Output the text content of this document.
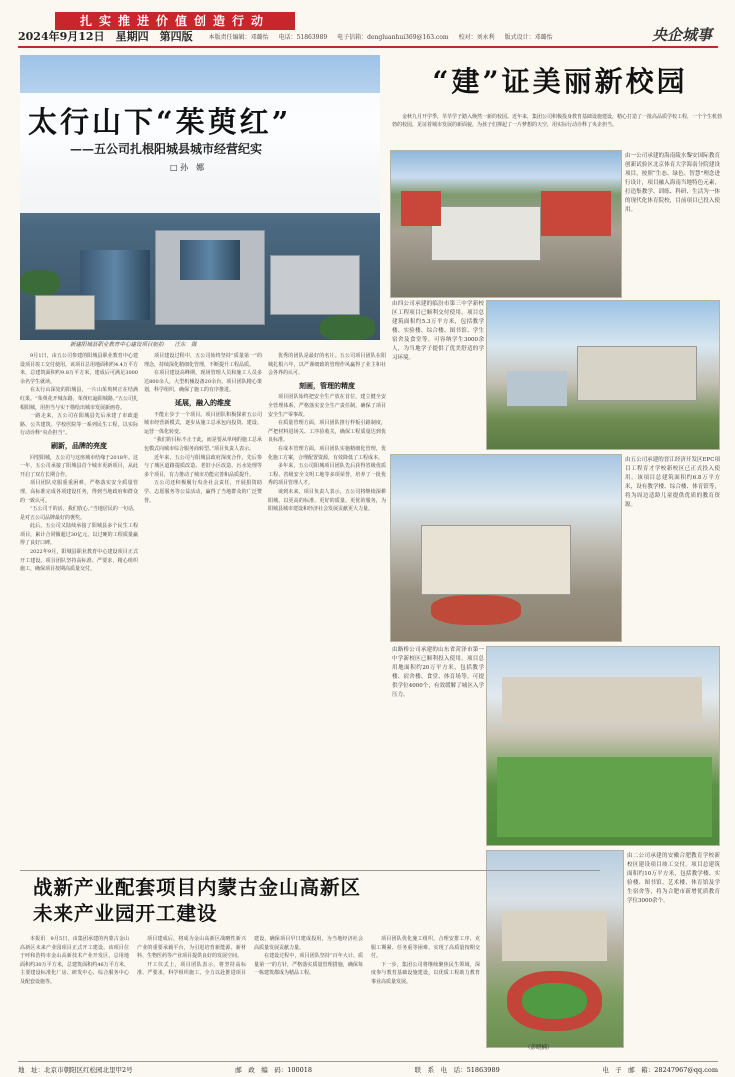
2024年9月12日　星期四　第四版	本版责任编辑：邓璐怡 电话：51863989 电子信箱：dengluanhui369@163.com 校对：刘永利 版式设计：邓璐怡	央企城事
扎实推进价值创造行动
太行山下“茱萸红”
——五公司扎根阳城县城市经营纪实
□ 孙　娜
新建阳城县职业教育中心建设项目航拍　　汪东　摄

9月1日，由五公司参建的阳城县职业教育中心建设项目竣工交付使用。该项目总用地面积约4.4万平方米，总建筑面积约9.8万平方米，建成后可满足3000余名学生就读。

在太行山深处的阳城县，一片山茱萸树正在结满红果。“茱萸花开城东路，茱萸红遍阳城路。”五公司扎根阳城，用担当与实干描绘出城市发展新画卷。

一路走来，五公司在阳城县先后承建了市政道路、公共建筑、学校医院等一系列民生工程，以实际行动诠释“央企担当”。

刷新，品牌的亮度

回望阳城，五公司与这座城市结缘于2018年。这一年，五公司承接了阳城县首个城市更新项目，从此开启了双方长期合作。

项目团队克服重重困难，严格落实安全质量管理，高标准完成各项建设任务，得到当地政府和群众的一致认可。

“五公司干的活，我们放心。”当地居民的一句话，是对五公司品牌最好的褒奖。

此后，五公司又陆续承接了阳城县多个民生工程项目，累计合同额超过30亿元，以过硬的工程质量赢得了良好口碑。

2022年9月，阳城县职业教育中心建设项目正式开工建设。项目团队坚持高标准、严要求，精心组织施工，确保项目按期高质量交付。

项目建设过程中，五公司始终坚持“质量第一”的理念，持续深化精细化管理，不断提升工程品质。

在项目建设高峰期，现场管理人员和施工人员多达800余人，大型机械设备20余台。项目团队精心策划，科学组织，确保了施工的有序推进。

延展，融入的维度

不能止步于一个项目。项目团队积极探索五公司城市经营新模式，逐步从施工总承包向投资、建设、运营一体化转变。

“我们的目标不止于此，而是要从单纯的施工总承包模式向城市综合服务商转型。”项目负责人表示。

近年来，五公司与阳城县政府深度合作，先后参与了城区道路提质改造、老旧小区改造、污水处理等多个项目，有力推动了城市功能完善和品质提升。

五公司还积极履行央企社会责任，开展捐资助学、志愿服务等公益活动，赢得了当地群众的广泛赞誉。

优秀的团队是最好的名片。五公司项目团队在阳城扎根六年，以严谨细致的管理作风赢得了业主和社会各界的认可。

刻画，管理的精度

项目团队始终把安全生产放在首位，建立健全安全管理体系，严格落实安全生产责任制，确保了项目安全生产零事故。

在质量管理方面，项目团队推行样板引路制度，严把材料进场关、工序验收关，确保工程质量达到优良标准。

在成本管理方面，项目团队实施精细化管理，优化施工方案，合理配置资源，有效降低了工程成本。

多年来，五公司阳城项目团队先后获得省级优质工程、省级安全文明工地等多项荣誉，培养了一批优秀的项目管理人才。

谈到未来，项目负责人表示，五公司将继续深耕阳城，以更高的标准、更好的质量、更优的服务，为阳城县城市建设和经济社会发展贡献更大力量。

“建”证美丽新校园

金秋九月开学季，莘莘学子踏入焕然一新的校园。近年来，集团公司积极投身教育基础设施建设，精心打造了一批高品质学校工程，一个个生机勃勃的校园，见证着城市发展的新面貌，为孩子们撑起了一片梦想的天空，用实际行动诠释了央企担当。

由一公司承建的海南陵水黎安国际教育创新试验区北京体育大学海南分院建设项目，按照“生态、绿色、智慧”理念进行设计，项目融入海南当地特色元素，打造集教学、训练、科研、生活为一体的现代化体育院校，目前项目已投入使用。
由四公司承建的临汾市第三中学新校区工程项目已顺利交付使用。项目总建筑面积约5.3万平方米，包括教学楼、实验楼、综合楼、图书馆、学生宿舍及食堂等，可容纳学生3000余人，为当地学子提供了优美舒适的学习环境。
由五公司承建的晋江经济开发区EPC项目工程育才学校新校区已正式投入使用。该项目总建筑面积约6.8万平方米，设有教学楼、综合楼、体育馆等，将为周边适龄儿童提供优质的教育资源。
由路桥公司承建的山东省菏泽市第一中学新校区已顺利投入使用。项目总用地面积约20万平方米，包括教学楼、宿舍楼、食堂、体育场等，可提供学位4000个，有效缓解了城区入学压力。
由二公司承建的安徽合肥教育学校新校区建设项目竣工交付。项目总建筑面积约10万平方米，包括教学楼、实验楼、图书馆、艺术楼、体育馆及学生宿舍等，将为合肥市新增优质教育学位3000余个。
战新产业配套项目内蒙古金山高新区未来产业园开工建设

本报讯　9月5日，由集团承建的内蒙古金山高新区未来产业园项目正式开工建设。该项目位于呼和浩特市金山高新技术产业开发区，总用地面积约30万平方米，总建筑面积约46万平方米，主要建设标准化厂房、研发中心、综合服务中心及配套设施等。

项目建成后，将成为金山高新区战略性新兴产业的重要承载平台，为引进培育新能源、新材料、生物医药等产业项目提供良好的发展空间。

开工仪式上，项目团队表示，将坚持高标准、严要求，科学组织施工，全力以赴推进项目建设，确保项目早日建成投用，为当地经济社会高质量发展贡献力量。

在建设过程中，项目团队坚持“百年大计、质量第一”的方针，严格落实质量管理措施，确保每一栋建筑都成为精品工程。

项目团队优化施工组织，合理安排工序，克服工期紧、任务重等困难，实现了高质量按期交付。

下一步，集团公司将继续聚焦民生领域，深度参与教育基础设施建设，以优质工程助力教育事业高质量发展。

（彭晓楠）
地　址：北京市朝阳区红松园北里甲2号	邮　政　编　码：100018	联　系　电　话：51863989	电　子　邮　箱：28247967@qq.com
